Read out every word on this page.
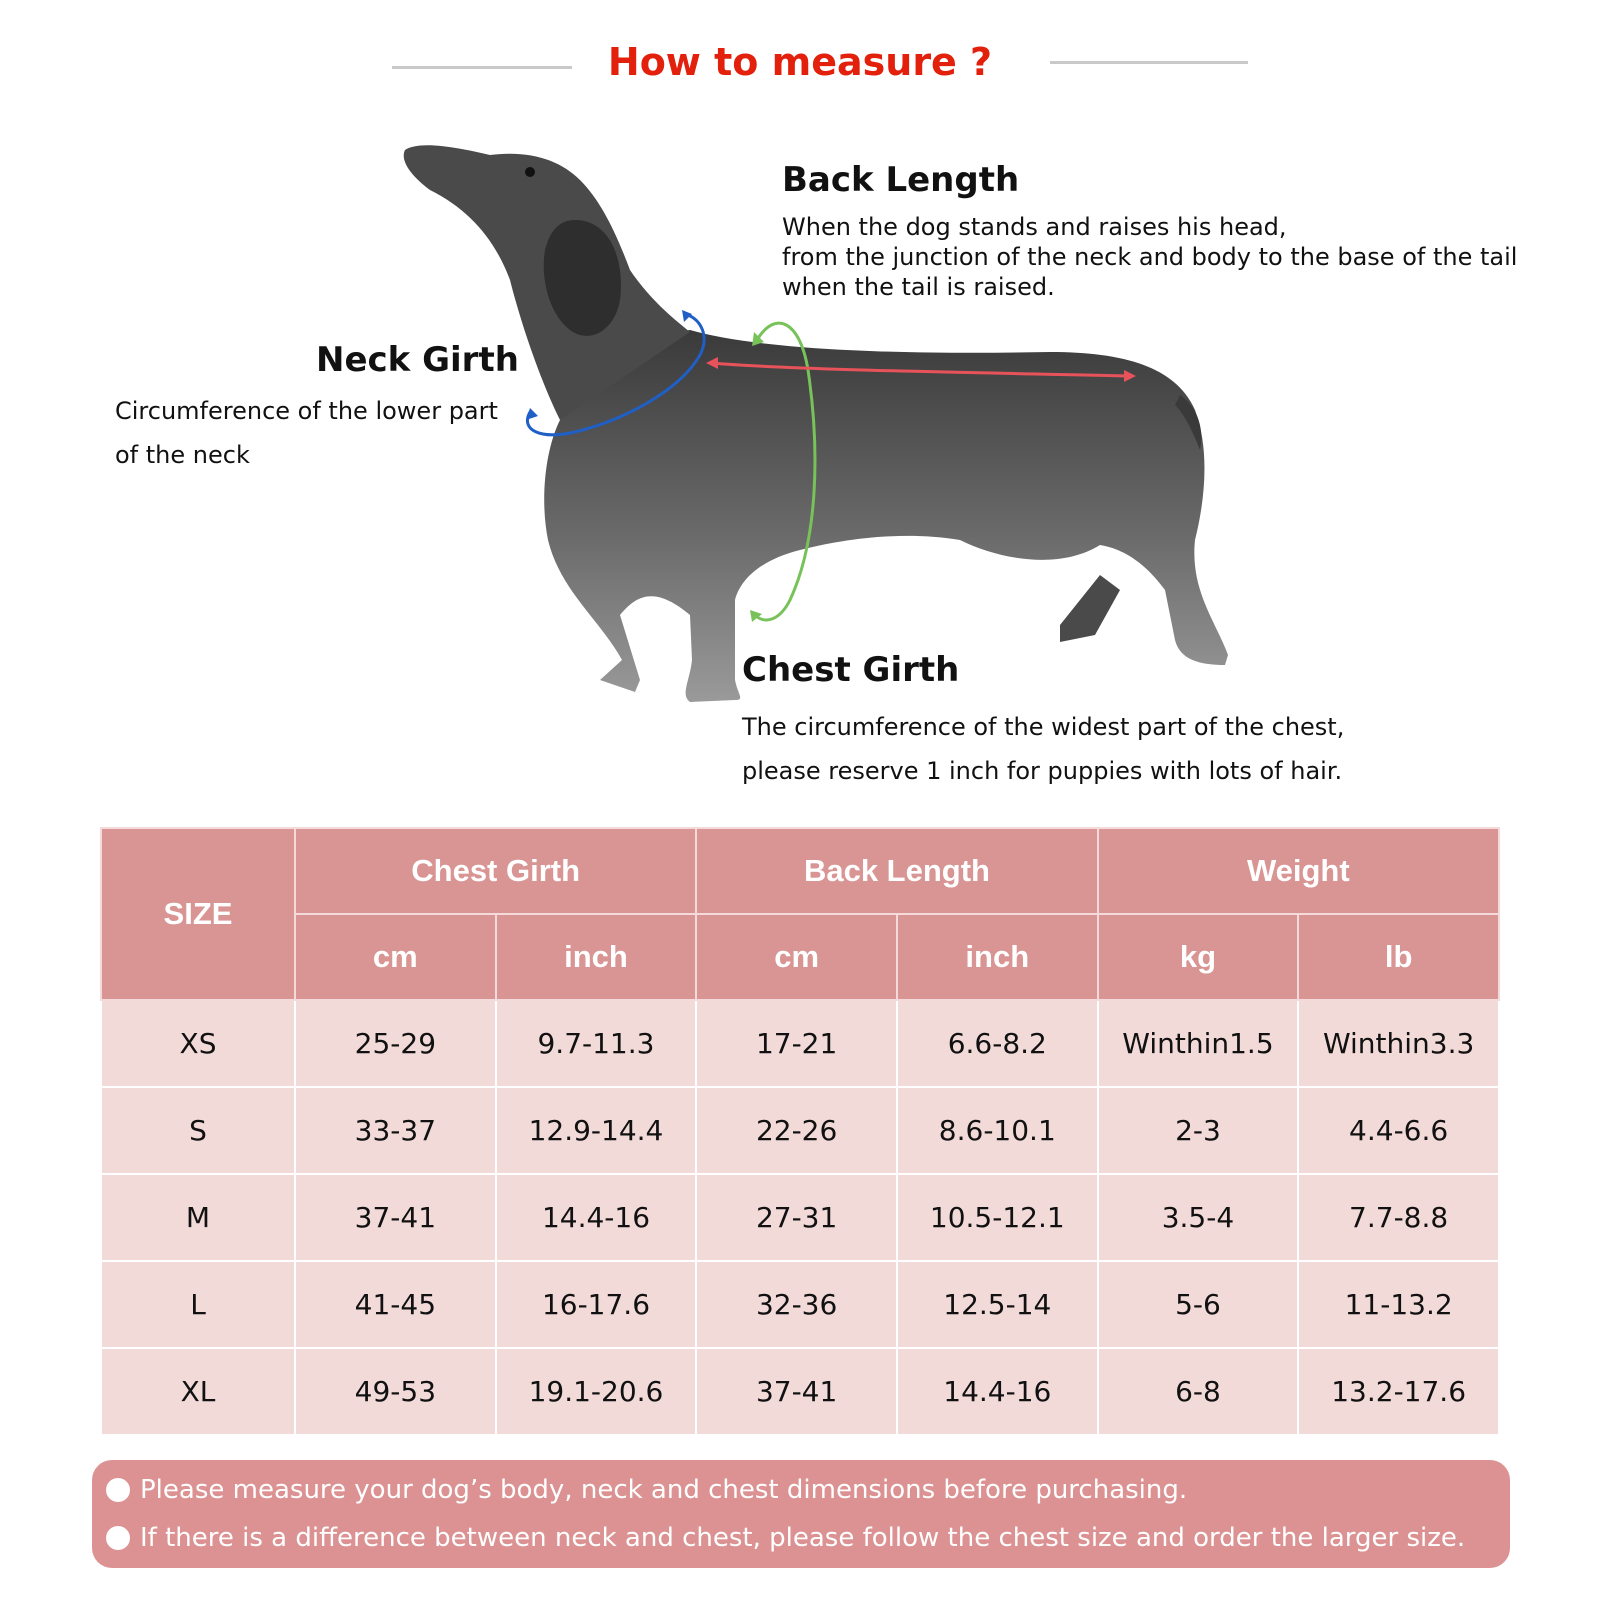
How to measure ?
Back Length
When the dog stands and raises his head,
from the junction of the neck and body to the base of the tail
when the tail is raised.
Neck Girth
Circumference of the lower part
of the neck
Chest Girth
The circumference of the widest part of the chest,
please reserve 1 inch for puppies with lots of hair.
SIZE	Chest Girth		Back Length		Weight	
	cm	inch	cm	inch	kg	lb
XS	25-29	9.7-11.3	17-21	6.6-8.2	Winthin1.5	Winthin3.3
S	33-37	12.9-14.4	22-26	8.6-10.1	2-3	4.4-6.6
M	37-41	14.4-16	27-31	10.5-12.1	3.5-4	7.7-8.8
L	41-45	16-17.6	32-36	12.5-14	5-6	11-13.2
XL	49-53	19.1-20.6	37-41	14.4-16	6-8	13.2-17.6
Please measure your dog’s body, neck and chest dimensions before purchasing.
If there is a difference between neck and chest, please follow the chest size and order the larger size.
